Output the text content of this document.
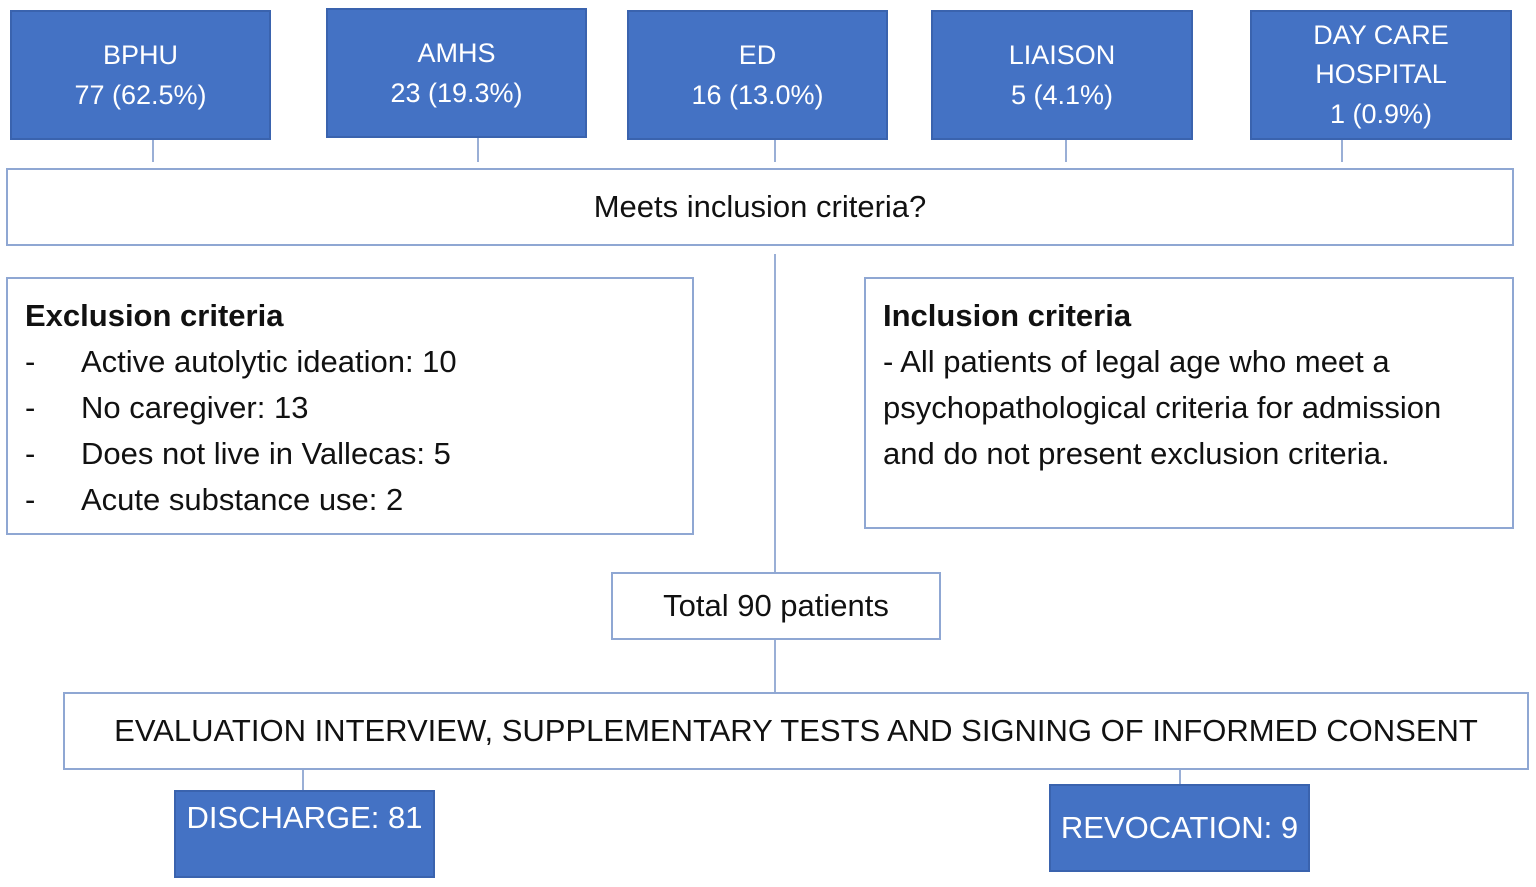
BPHU
77 (62.5%)
AMHS
23 (19.3%)
ED
16 (13.0%)
LIAISON
5 (4.1%)
DAY CARE HOSPITAL
1 (0.9%)
Meets inclusion criteria?
Exclusion criteria
- Active autolytic ideation: 10
- No caregiver: 13
- Does not live in Vallecas: 5
- Acute substance use: 2
Inclusion criteria
- All patients of legal age who meet a psychopathological criteria for admission and do not present exclusion criteria.
Total 90 patients
EVALUATION INTERVIEW, SUPPLEMENTARY TESTS AND SIGNING OF INFORMED CONSENT
DISCHARGE: 81	REVOCATION: 9
